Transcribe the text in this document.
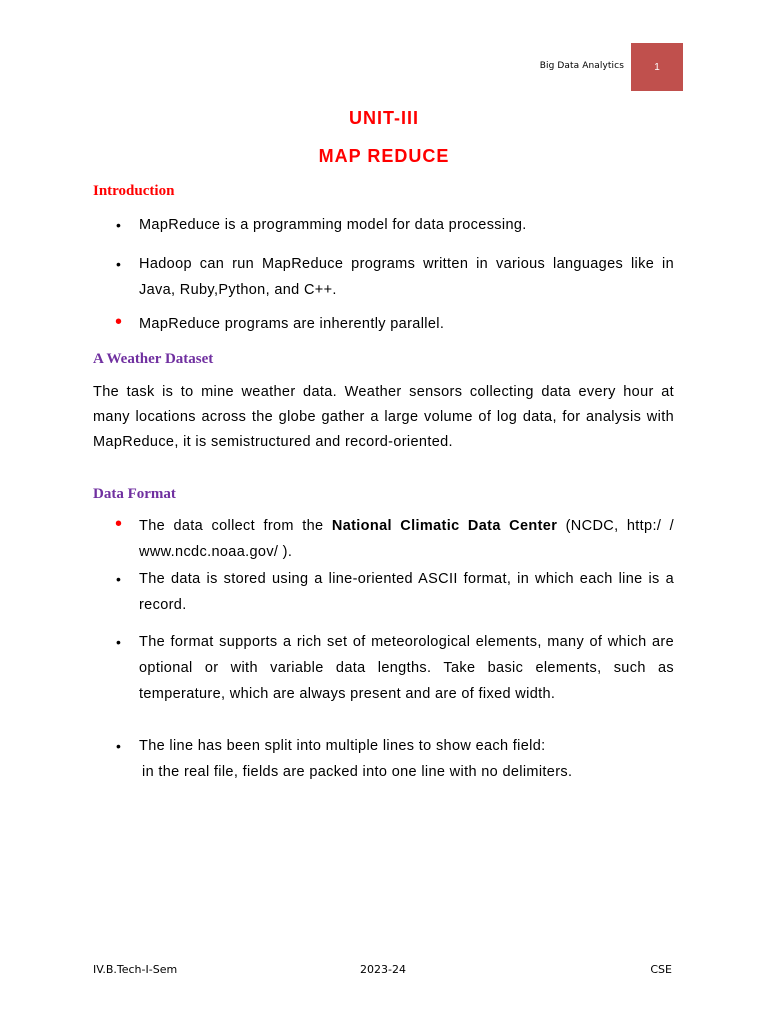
Big Data Analytics	1
UNIT-III
MAP REDUCE
Introduction
• MapReduce is a programming model for data processing.
• Hadoop can run MapReduce programs written in various languages like in Java, Ruby,Python, and C++.
• MapReduce programs are inherently parallel.
A Weather Dataset
The task is to mine weather data. Weather sensors collecting data every hour at many locations across the globe gather a large volume of log data, for analysis with MapReduce, it is semistructured and record-oriented.
Data Format
• The data collect from the National Climatic Data Center (NCDC, http:/ / www.ncdc.noaa.gov/ ).
• The data is stored using a line-oriented ASCII format, in which each line is a record.
• The format supports a rich set of meteorological elements, many of which are optional or with variable data lengths. Take basic elements, such as temperature, which are always present and are of fixed width.
• The line has been split into multiple lines to show each field:
in the real file, fields are packed into one line with no delimiters.
IV.B.Tech-I-Sem	2023-24	CSE
